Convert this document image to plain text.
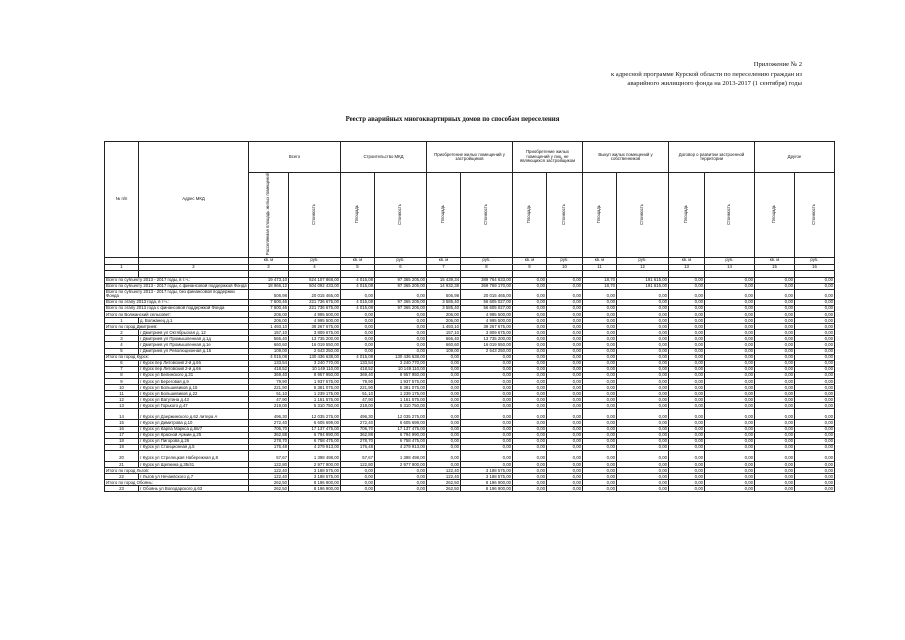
Приложение № 2
к адресной программе Курской области по переселению граждан из
аварийного жилищного фонда на 2013-2017 (1 сентября) годы
Реестр аварийных многоквартирных домов по способам переселения
№ п/п	Адрес МКД	Всего		Строительство МКД		Приобретение жилых помещений у застройщиков		Приобретение жилых помещений у лиц, не являющихся застройщиком		Выкуп жилых помещений у собственников		Договор о развитии застроенной территории		Другое	
		Расселяемая площадь жилых помещений	Стоимость	Площадь	Стоимость	Площадь	Стоимость	Площадь	Стоимость	Площадь	Стоимость	Площадь	Стоимость	Площадь	Стоимость
		кв. м	руб.	кв. м	руб.	кв. м	руб.	кв. м	руб.	кв. м	руб.	кв. м	руб.	кв. м	руб.
1	2	3	4	5	6	7	8	9	10	11	12	13	14	15	16

Всего по субъекту 2013 - 2017 годы, в т.ч.:		19 473,10	524 107 868,00	4 015,08	97 365 205,00	15 439,34	389 764 633,00	0,00	0,00	18,70	191 615,00	0,00	0,00	0,00	0,00
Всего по субъекту 2013 - 2017 годы, с финансовой поддержкой Фонда		18 966,12	504 092 433,00	4 015,08	97 365 205,00	14 932,38	369 769 170,00	0,00	0,00	18,70	191 615,00	0,00	0,00	0,00	0,00
Всего по субъекту 2013 - 2017 годы, без финансовой поддержки Фонда		506,98	20 015 465,00	0,00	0,00	506,98	20 015 465,00	0,00	0,00	0,00	0,00	0,00	0,00	0,00	0,00
Всего по этапу 2013 года, в т.ч.:		7 600,46	221 736 675,00	4 015,08	97 365 205,00	3 585,40	56 605 027,00	0,00	0,00	0,00	0,00	0,00	0,00	0,00	0,00
Всего по этапу 2013 года с финансовой поддержкой Фонда		7 600,46	221 736 675,00	4 015,08	97 365 205,00	3 585,40	56 605 027,00	0,00	0,00	0,00	0,00	0,00	0,00	0,00	0,00
Итого по Волжанский сельсовет:		206,00	4 995 500,00	0,00	0,00	206,00	4 995 500,00	0,00	0,00	0,00	0,00	0,00	0,00	0,00	0,00
1	д. Волжанец д.1	206,00	4 995 500,00	0,00	0,00	206,00	4 995 500,00	0,00	0,00	0,00	0,00	0,00	0,00	0,00	0,00
Итого по город Дмитриев:		1 493,10	39 267 675,00	0,00	0,00	1 493,10	39 267 675,00	0,00	0,00	0,00	0,00	0,00	0,00	0,00	0,00
2	г Дмитриев ул Октябрьская д. 12	157,10	3 809 675,00	0,00	0,00	157,10	3 809 675,00	0,00	0,00	0,00	0,00	0,00	0,00	0,00	0,00
3	г Дмитриев ул Промышленная д.1д	566,40	13 735 200,00	0,00	0,00	566,40	13 735 200,00	0,00	0,00	0,00	0,00	0,00	0,00	0,00	0,00
4	г Дмитриев ул Промышленная д.1е	660,60	16 019 550,00	0,00	0,00	660,60	16 019 550,00	0,00	0,00	0,00	0,00	0,00	0,00	0,00	0,00
5	г Дмитриев ул Революционная д.15	109,00	2 643 250,00	0,00	0,00	109,00	2 643 250,00	0,00	0,00	0,00	0,00	0,00	0,00	0,00	0,00
Итого по город Курск:		4 015,08	130 436 638,00	4 015,08	130 436 638,00	0,00	0,00	0,00	0,00	0,00	0,00	0,00	0,00	0,00	0,00
6	г Курск пер Литовский 2-й д.6б	133,54	3 240 770,00	133,54	3 240 770,00	0,00	0,00	0,00	0,00	0,00	0,00	0,00	0,00	0,00	0,00
7	г Курск пер Литовский 2-й д.6в	418,52	10 149 110,00	418,52	10 149 110,00	0,00	0,00	0,00	0,00	0,00	0,00	0,00	0,00	0,00	0,00
8	г Курск ул Белинского д.31	369,40	8 957 950,00	369,40	8 957 950,00	0,00	0,00	0,00	0,00	0,00	0,00	0,00	0,00	0,00	0,00
9	г Курск ул Береговая д.9	79,90	1 937 575,00	79,90	1 937 575,00	0,00	0,00	0,00	0,00	0,00	0,00	0,00	0,00	0,00	0,00
10	г Курск ул Большевиков д.15	221,90	5 381 075,00	221,90	5 381 075,00	0,00	0,00	0,00	0,00	0,00	0,00	0,00	0,00	0,00	0,00
11	г Курск ул Большевиков д.22	51,10	1 239 175,00	51,10	1 239 175,00	0,00	0,00	0,00	0,00	0,00	0,00	0,00	0,00	0,00	0,00
12	г Курск ул Ватутина д.43	47,90	1 161 575,00	47,90	1 161 575,00	0,00	0,00	0,00	0,00	0,00	0,00	0,00	0,00	0,00	0,00
13	г Курск ул Горького д.47	219,00	5 310 750,00	219,00	5 310 750,00	0,00	0,00	0,00	0,00	0,00	0,00	0,00	0,00	0,00	0,00
14	г Курск ул Дзержинского д.62 литера А	496,30	12 035 275,00	496,30	12 035 275,00	0,00	0,00	0,00	0,00	0,00	0,00	0,00	0,00	0,00	0,00
15	г Курск ул Димитрова д.10	272,40	6 605 699,00	272,40	6 605 699,00	0,00	0,00	0,00	0,00	0,00	0,00	0,00	0,00	0,00	0,00
16	г Курск ул Карла Маркса д.66/7	706,70	17 137 475,00	706,70	17 137 475,00	0,00	0,00	0,00	0,00	0,00	0,00	0,00	0,00	0,00	0,00
17	г Курск ул Красной Армии д.25	362,88	6 794 990,00	362,88	6 794 990,00	0,00	0,00	0,00	0,00	0,00	0,00	0,00	0,00	0,00	0,00
18	г Курск ул Пигорова д.26	278,70	6 758 475,00	278,70	6 758 475,00	0,00	0,00	0,00	0,00	0,00	0,00	0,00	0,00	0,00	0,00
19	г Курск ул Станционная д.5	176,48	4 279 913,00	176,48	4 279 913,00	0,00	0,00	0,00	0,00	0,00	0,00	0,00	0,00	0,00	0,00
20	г Курск ул Стрелецкая Набережная д.8	57,67	1 398 498,00	57,67	1 398 498,00	0,00	0,00	0,00	0,00	0,00	0,00	0,00	0,00	0,00	0,00
21	г Курск ул Щепкина д.35/41	122,80	2 977 900,00	122,80	2 977 900,00	0,00	0,00	0,00	0,00	0,00	0,00	0,00	0,00	0,00	0,00
Итого по город Льгов:		122,40	3 188 575,00	0,00	0,00	122,40	3 188 575,00	0,00	0,00	0,00	0,00	0,00	0,00	0,00	0,00
22	г Льгов ул Нечаевского д.7	122,40	3 188 575,00	0,00	0,00	122,40	3 188 575,00	0,00	0,00	0,00	0,00	0,00	0,00	0,00	0,00
Итого по город Обоянь:		262,50	8 196 900,00	0,00	0,00	262,50	8 196 900,00	0,00	0,00	0,00	0,00	0,00	0,00	0,00	0,00
23	г Обоянь ул Володарского д.63	262,50	8 196 900,00	0,00	0,00	262,50	8 196 900,00	0,00	0,00	0,00	0,00	0,00	0,00	0,00	0,00
